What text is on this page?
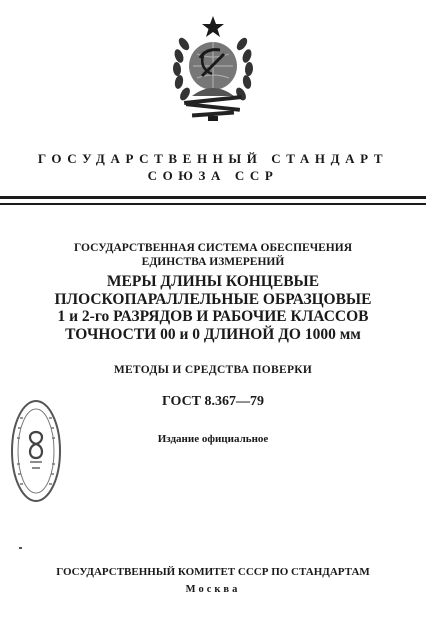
ГОСУДАРСТВЕННЫЙ СТАНДАРТ
СОЮЗА ССР
ГОСУДАРСТВЕННАЯ СИСТЕМА ОБЕСПЕЧЕНИЯ
ЕДИНСТВА ИЗМЕРЕНИЙ
МЕРЫ ДЛИНЫ КОНЦЕВЫЕ
ПЛОСКОПАРАЛЛЕЛЬНЫЕ ОБРАЗЦОВЫЕ
1 и 2-го РАЗРЯДОВ И РАБОЧИЕ КЛАССОВ
ТОЧНОСТИ 00 и 0 ДЛИНОЙ ДО 1000 мм
МЕТОДЫ И СРЕДСТВА ПОВЕРКИ
ГОСТ 8.367—79
Издание официальное
ГОСУДАРСТВЕННЫЙ КОМИТЕТ СССР ПО СТАНДАРТАМ
Москва
